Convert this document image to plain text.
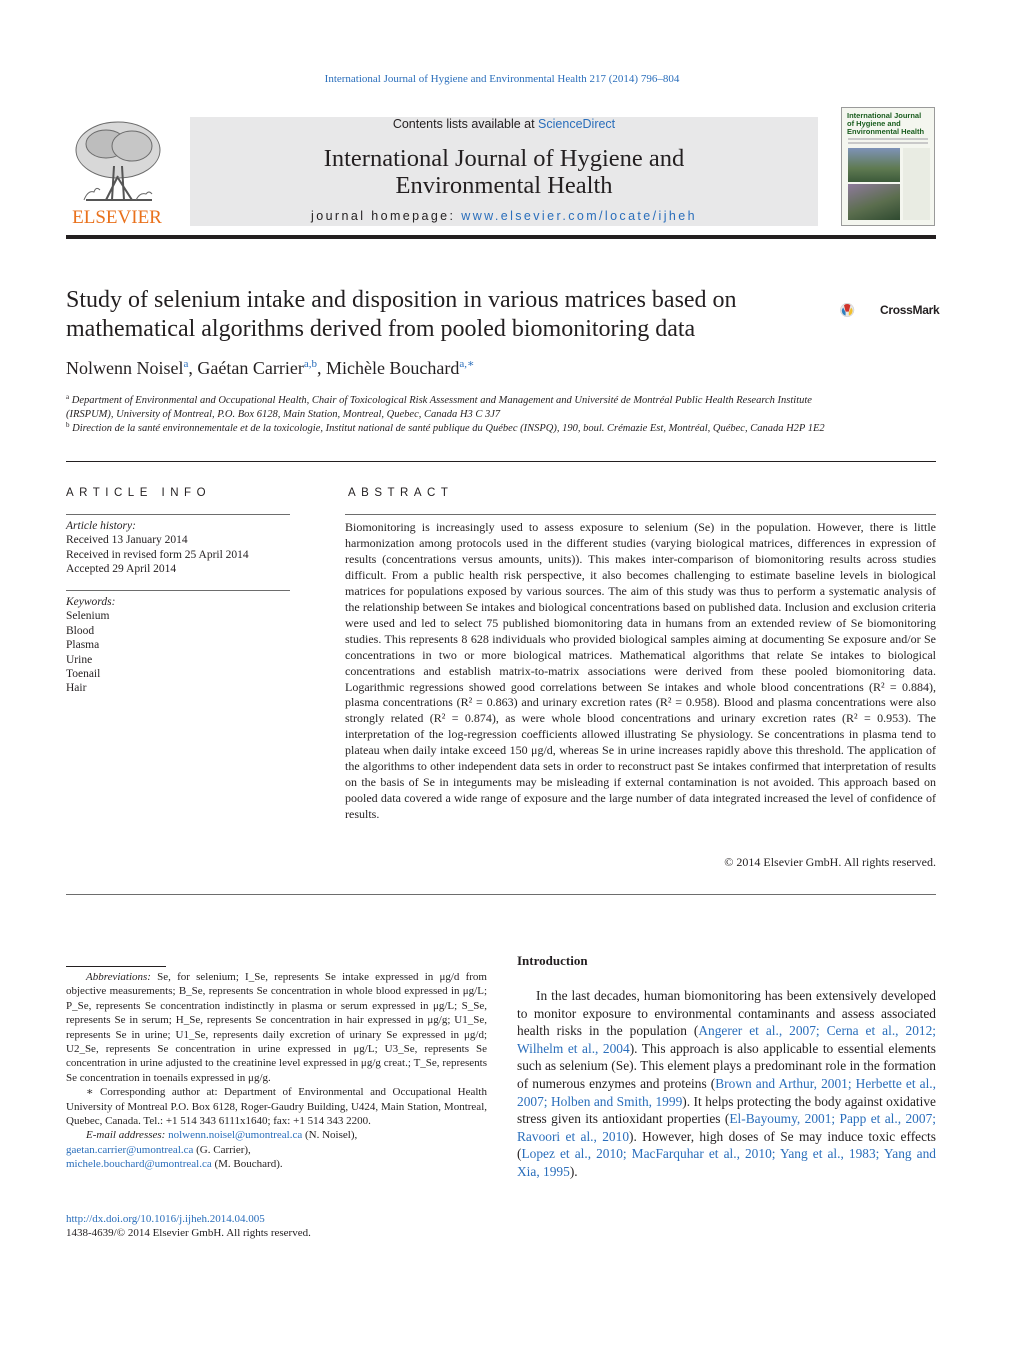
International Journal of Hygiene and Environmental Health 217 (2014) 796–804
ELSEVIER
Contents lists available at ScienceDirect
International Journal of Hygiene and
Environmental Health
journal homepage: www.elsevier.com/locate/ijheh
International Journal of Hygiene and Environmental Health
Study of selenium intake and disposition in various matrices based on mathematical algorithms derived from pooled biomonitoring data
CrossMark
Nolwenn Noisel$^a$, Gaétan Carrier$^{a,b}$, Michèle Bouchard$^{a,∗}$
$^a$ Department of Environmental and Occupational Health, Chair of Toxicological Risk Assessment and Management and Université de Montréal Public Health Research Institute (IRSPUM), University of Montreal, P.O. Box 6128, Main Station, Montreal, Quebec, Canada H3 C 3J7
$^b$ Direction de la santé environnementale et de la toxicologie, Institut national de santé publique du Québec (INSPQ), 190, boul. Crémazie Est, Montréal, Québec, Canada H2P 1E2
ARTICLE INFO
Article history:
Received 13 January 2014
Received in revised form 25 April 2014
Accepted 29 April 2014
Keywords:
Selenium
Blood
Plasma
Urine
Toenail
Hair
ABSTRACT
Biomonitoring is increasingly used to assess exposure to selenium (Se) in the population. However, there is little harmonization among protocols used in the different studies (varying biological matrices, differences in expression of results (concentrations versus amounts, units)). This makes inter-comparison of biomonitoring results across studies difficult. From a public health risk perspective, it also becomes challenging to estimate baseline levels in biological matrices for populations exposed by various sources. The aim of this study was thus to perform a systematic analysis of the relationship between Se intakes and biological concentrations based on published data. Inclusion and exclusion criteria were used and led to select 75 published biomonitoring data in humans from an extended review of Se biomonitoring studies. This represents 8 628 individuals who provided biological samples aiming at documenting Se exposure and/or Se concentrations in two or more biological matrices. Mathematical algorithms that relate Se intakes to biological concentrations and establish matrix-to-matrix associations were derived from these pooled biomonitoring data. Logarithmic regressions showed good correlations between Se intakes and whole blood concentrations (R² = 0.884), plasma concentrations (R² = 0.863) and urinary excretion rates (R² = 0.958). Blood and plasma concentrations were also strongly related (R² = 0.874), as were whole blood concentrations and urinary excretion rates (R² = 0.953). The interpretation of the log-regression coefficients allowed illustrating Se physiology. Se concentrations in plasma tend to plateau when daily intake exceed 150 μg/d, whereas Se in urine increases rapidly above this threshold. The application of the algorithms to other independent data sets in order to reconstruct past Se intakes confirmed that interpretation of results on the basis of Se in integuments may be misleading if external contamination is not avoided. This approach based on pooled data covered a wide range of exposure and the large number of data integrated increased the level of confidence of results.
© 2014 Elsevier GmbH. All rights reserved.

Abbreviations: Se, for selenium; I_Se, represents Se intake expressed in μg/d from objective measurements; B_Se, represents Se concentration in whole blood expressed in μg/L; P_Se, represents Se concentration indistinctly in plasma or serum expressed in μg/L; S_Se, represents Se in serum; H_Se, represents Se concentration in hair expressed in μg/g; U1_Se, represents Se in urine; U1_Se, represents daily excretion of urinary Se expressed in μg/d; U2_Se, represents Se concentration in urine expressed in μg/L; U3_Se, represents Se concentration in urine adjusted to the creatinine level expressed in μg/g creat.; T_Se, represents Se concentration in toenails expressed in μg/g.

∗ Corresponding author at: Department of Environmental and Occupational Health University of Montreal P.O. Box 6128, Roger-Gaudry Building, U424, Main Station, Montreal, Quebec, Canada. Tel.: +1 514 343 6111x1640; fax: +1 514 343 2200.

E-mail addresses: nolwenn.noisel@umontreal.ca (N. Noisel),

gaetan.carrier@umontreal.ca (G. Carrier),
michele.bouchard@umontreal.ca (M. Bouchard).
http://dx.doi.org/10.1016/j.ijheh.2014.04.005
1438-4639/© 2014 Elsevier GmbH. All rights reserved.
Introduction
In the last decades, human biomonitoring has been extensively developed to monitor exposure to environmental contaminants and assess associated health risks in the population (Angerer et al., 2007; Cerna et al., 2012; Wilhelm et al., 2004). This approach is also applicable to essential elements such as selenium (Se). This element plays a predominant role in the formation of numerous enzymes and proteins (Brown and Arthur, 2001; Herbette et al., 2007; Holben and Smith, 1999). It helps protecting the body against oxidative stress given its antioxidant properties (El-Bayoumy, 2001; Papp et al., 2007; Ravoori et al., 2010). However, high doses of Se may induce toxic effects (Lopez et al., 2010; MacFarquhar et al., 2010; Yang et al., 1983; Yang and Xia, 1995).
